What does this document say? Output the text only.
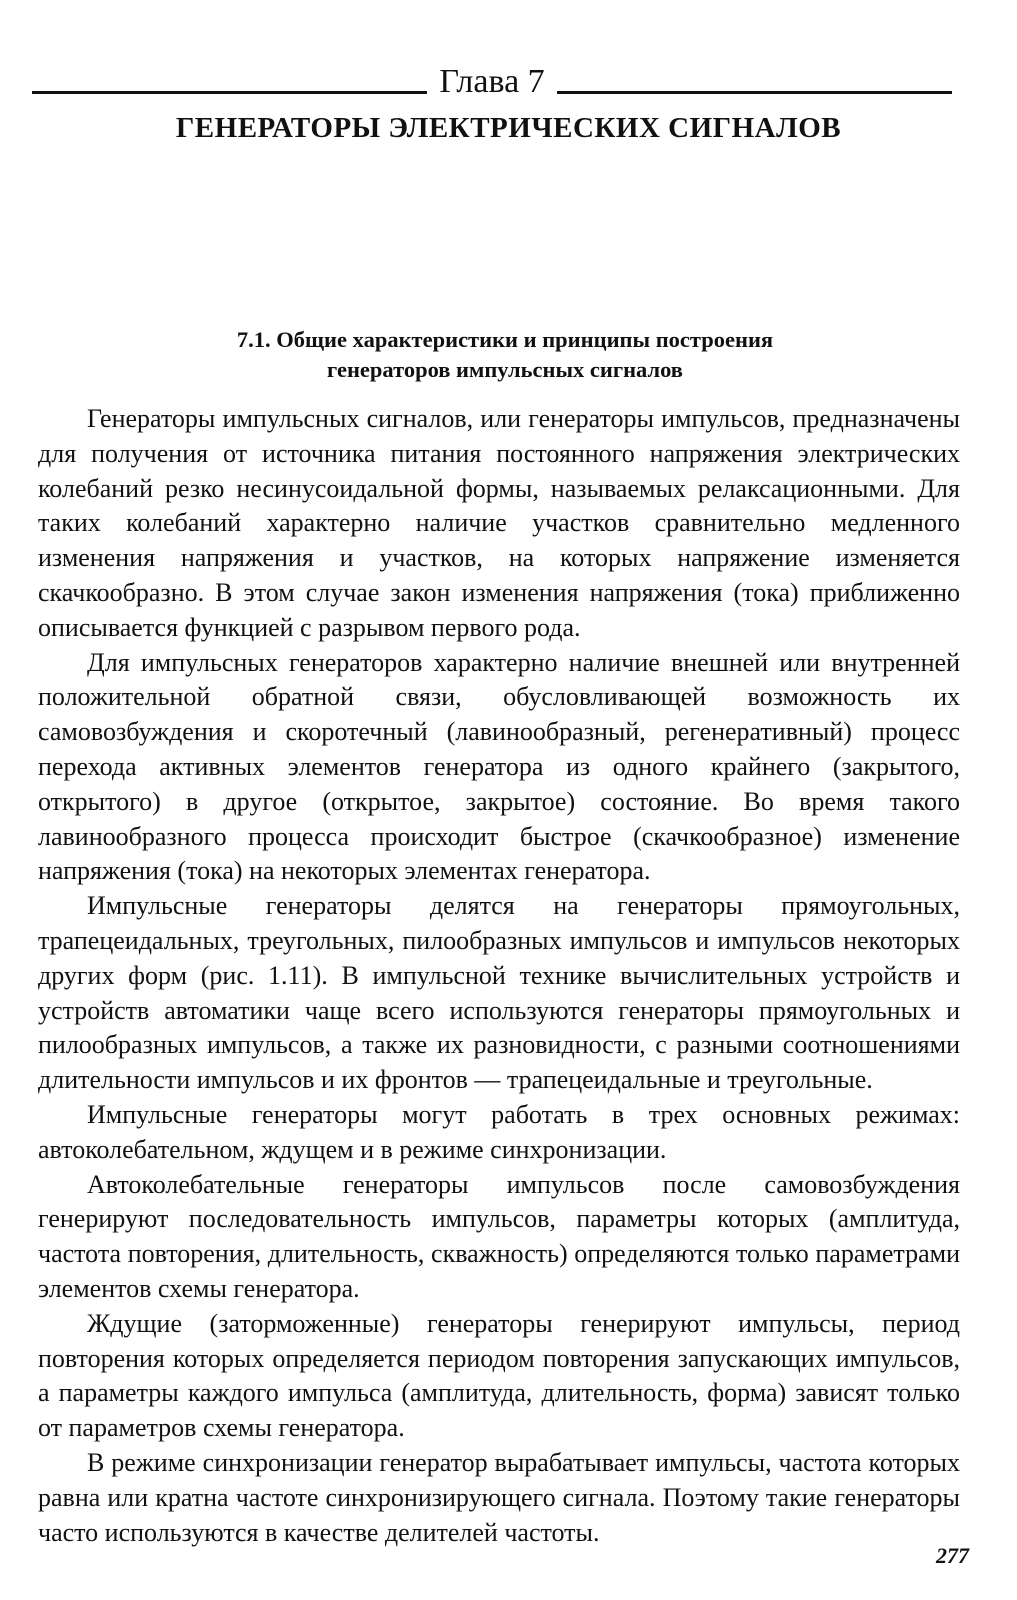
Глава 7
ГЕНЕРАТОРЫ ЭЛЕКТРИЧЕСКИХ СИГНАЛОВ
7.1. Общие характеристики и принципы построения
генераторов импульсных сигналов

Генераторы импульсных сигналов, или генераторы импульсов, предназначены для получения от источника питания постоянного напряжения электрических колебаний резко несинусоидальной формы, называемых релаксационными. Для таких колебаний характерно наличие участков сравнительно медленного изменения напряжения и участков, на которых напряжение изменяется скачкообразно. В этом случае закон изменения напряжения (тока) приближенно описывается функцией с разрывом первого рода.

Для импульсных генераторов характерно наличие внешней или внутренней положительной обратной связи, обусловливающей возможность их самовозбуждения и скоротечный (лавинообразный, регенеративный) процесс перехода активных элементов генератора из одного крайнего (закрытого, открытого) в другое (открытое, закрытое) состояние. Во время такого лавинообразного процесса происходит быстрое (скачкообразное) изменение напряжения (тока) на некоторых элементах генератора.

Импульсные генераторы делятся на генераторы прямоугольных, трапецеидальных, треугольных, пилообразных импульсов и импульсов некоторых других форм (рис. 1.11). В импульсной технике вычислительных устройств и устройств автоматики чаще всего используются генераторы прямоугольных и пилообразных импульсов, а также их разновидности, с разными соотношениями длительности импульсов и их фронтов — трапецеидальные и треугольные.

Импульсные генераторы могут работать в трех основных режимах: автоколебательном, ждущем и в режиме синхронизации.

Автоколебательные генераторы импульсов после самовозбуждения генерируют последовательность импульсов, параметры которых (амплитуда, частота повторения, длительность, скважность) определяются только параметрами элементов схемы генератора.

Ждущие (заторможенные) генераторы генерируют импульсы, период повторения которых определяется периодом повторения запускающих импульсов, а параметры каждого импульса (амплитуда, длительность, форма) зависят только от параметров схемы генератора.

В режиме синхронизации генератор вырабатывает импульсы, частота которых равна или кратна частоте синхронизирующего сигнала. Поэтому такие генераторы часто используются в качестве делителей частоты.

277
